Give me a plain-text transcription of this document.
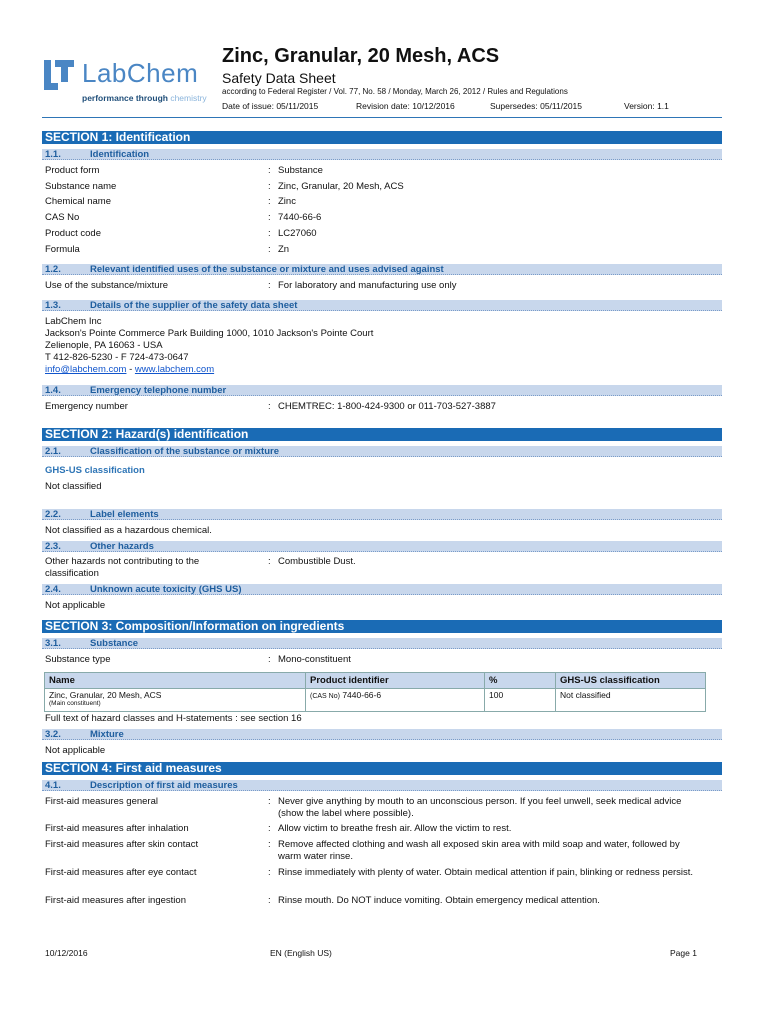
LabChem
performance through chemistry
Zinc, Granular, 20 Mesh, ACS
Safety Data Sheet
according to Federal Register / Vol. 77, No. 58 / Monday, March 26, 2012 / Rules and Regulations
Date of issue: 05/11/2015	Revision date: 10/12/2016	Supersedes: 05/11/2015	Version: 1.1
SECTION 1: Identification
1.1.	Identification
Product form	: Substance
Substance name	: Zinc, Granular, 20 Mesh, ACS
Chemical name	: Zinc
CAS No	: 7440-66-6
Product code	: LC27060
Formula	: Zn
1.2.	Relevant identified uses of the substance or mixture and uses advised against
Use of the substance/mixture	: For laboratory and manufacturing use only
1.3.	Details of the supplier of the safety data sheet
LabChem Inc
Jackson's Pointe Commerce Park Building 1000, 1010 Jackson's Pointe Court
Zelienople, PA 16063 - USA
T 412-826-5230 - F 724-473-0647
info@labchem.com - www.labchem.com
1.4.	Emergency telephone number
Emergency number	: CHEMTREC: 1-800-424-9300 or 011-703-527-3887
SECTION 2: Hazard(s) identification
2.1.	Classification of the substance or mixture
GHS-US classification
Not classified
2.2.	Label elements
Not classified as a hazardous chemical.
2.3.	Other hazards
Other hazards not contributing to the
classification
: Combustible Dust.
2.4.	Unknown acute toxicity (GHS US)
Not applicable
SECTION 3: Composition/Information on ingredients
3.1.	Substance
Substance type	: Mono-constituent
Name	Product identifier	%	GHS-US classification
Zinc, Granular, 20 Mesh, ACS
(Main constituent)	(CAS No) 7440-66-6	100	Not classified
Full text of hazard classes and H-statements : see section 16
3.2.	Mixture
Not applicable
SECTION 4: First aid measures
4.1.	Description of first aid measures
First-aid measures general	: Never give anything by mouth to an unconscious person. If you feel unwell, seek medical advice (show the label where possible).
First-aid measures after inhalation	: Allow victim to breathe fresh air. Allow the victim to rest.
First-aid measures after skin contact	: Remove affected clothing and wash all exposed skin area with mild soap and water, followed by warm water rinse.
First-aid measures after eye contact	: Rinse immediately with plenty of water. Obtain medical attention if pain, blinking or redness persist.
First-aid measures after ingestion	: Rinse mouth. Do NOT induce vomiting. Obtain emergency medical attention.
10/12/2016	EN (English US)	Page 1
